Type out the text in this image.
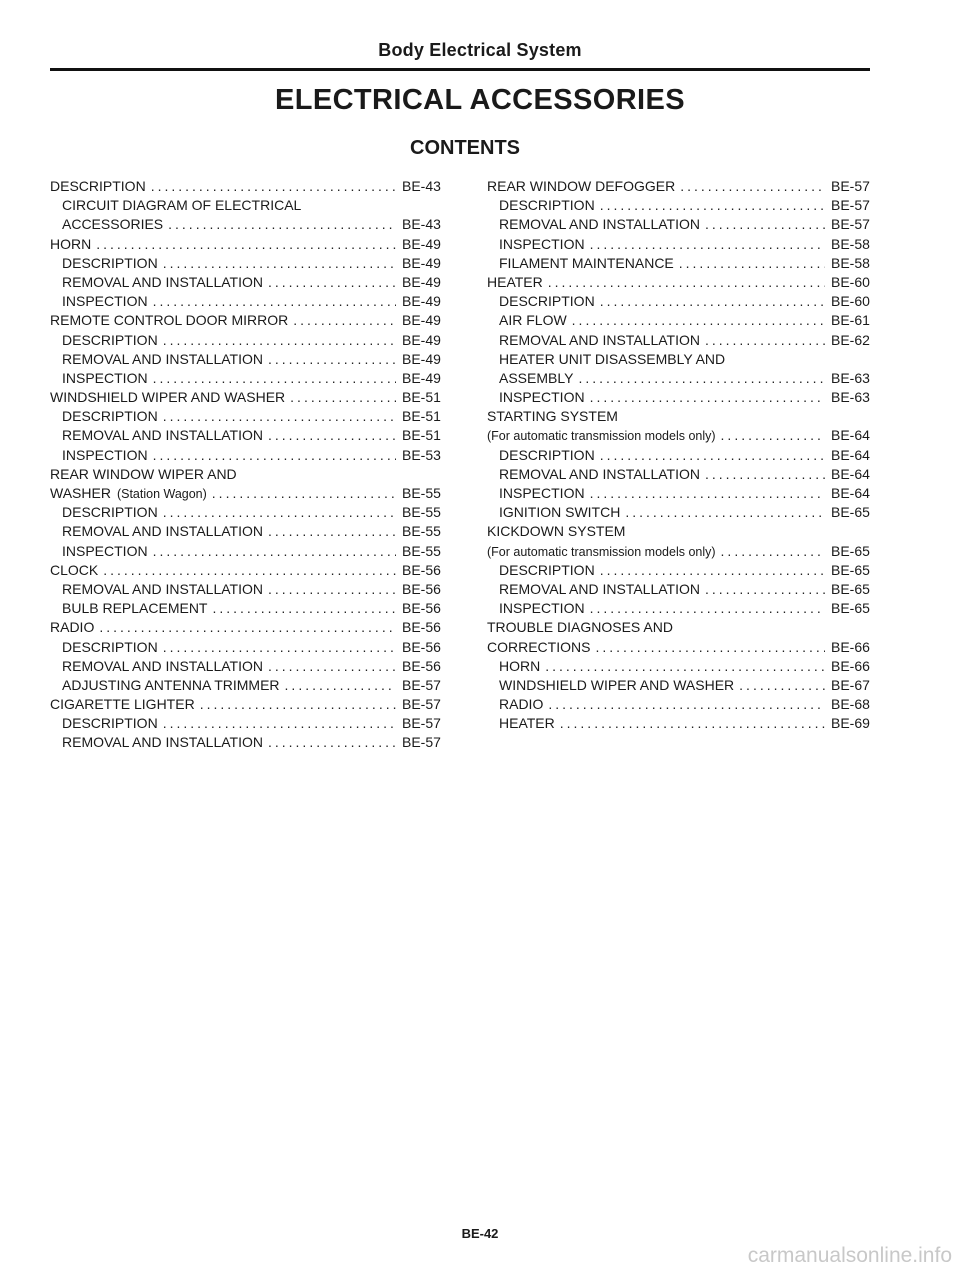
Body Electrical System
ELECTRICAL ACCESSORIES
CONTENTS
DESCRIPTION .....	BE-43
CIRCUIT DIAGRAM OF ELECTRICAL
ACCESSORIES .....	BE-43
HORN .....	BE-49
DESCRIPTION .....	BE-49
REMOVAL AND INSTALLATION .....	BE-49
INSPECTION .....	BE-49
REMOTE CONTROL DOOR MIRROR .....	BE-49
DESCRIPTION .....	BE-49
REMOVAL AND INSTALLATION .....	BE-49
INSPECTION .....	BE-49
WINDSHIELD WIPER AND WASHER .....	BE-51
DESCRIPTION .....	BE-51
REMOVAL AND INSTALLATION .....	BE-51
INSPECTION .....	BE-53
REAR WINDOW WIPER AND
WASHER (Station Wagon) .....	BE-55
DESCRIPTION .....	BE-55
REMOVAL AND INSTALLATION .....	BE-55
INSPECTION .....	BE-55
CLOCK .....	BE-56
REMOVAL AND INSTALLATION .....	BE-56
BULB REPLACEMENT .....	BE-56
RADIO .....	BE-56
DESCRIPTION .....	BE-56
REMOVAL AND INSTALLATION .....	BE-56
ADJUSTING ANTENNA TRIMMER .....	BE-57
CIGARETTE LIGHTER .....	BE-57
DESCRIPTION .....	BE-57
REMOVAL AND INSTALLATION .....	BE-57
REAR WINDOW DEFOGGER .....	BE-57
DESCRIPTION .....	BE-57
REMOVAL AND INSTALLATION .....	BE-57
INSPECTION .....	BE-58
FILAMENT MAINTENANCE .....	BE-58
HEATER .....	BE-60
DESCRIPTION .....	BE-60
AIR FLOW .....	BE-61
REMOVAL AND INSTALLATION .....	BE-62
HEATER UNIT DISASSEMBLY AND
ASSEMBLY .....	BE-63
INSPECTION .....	BE-63
STARTING SYSTEM
(For automatic transmission models only) .....	BE-64
DESCRIPTION .....	BE-64
REMOVAL AND INSTALLATION .....	BE-64
INSPECTION .....	BE-64
IGNITION SWITCH .....	BE-65
KICKDOWN SYSTEM
(For automatic transmission models only) .....	BE-65
DESCRIPTION .....	BE-65
REMOVAL AND INSTALLATION .....	BE-65
INSPECTION .....	BE-65
TROUBLE DIAGNOSES AND
CORRECTIONS .....	BE-66
HORN .....	BE-66
WINDSHIELD WIPER AND WASHER .....	BE-67
RADIO .....	BE-68
HEATER .....	BE-69
BE-42
carmanualsonline.info
